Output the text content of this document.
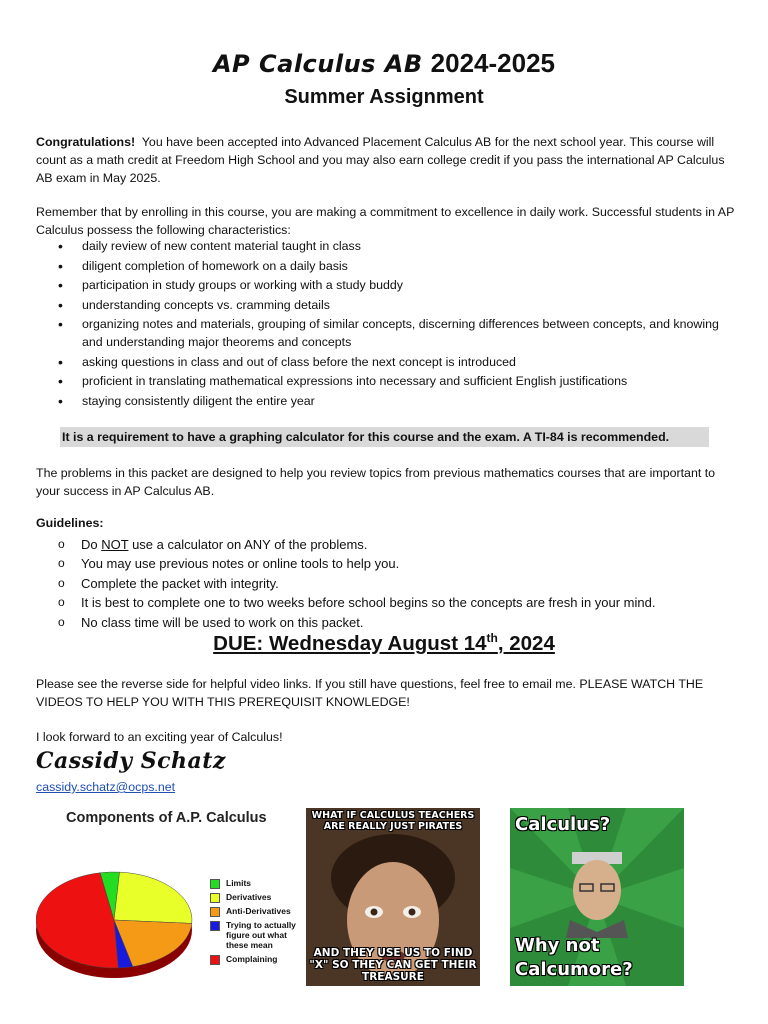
AP Calculus AB 2024-2025
Summer Assignment
Congratulations! You have been accepted into Advanced Placement Calculus AB for the next school year. This course will count as a math credit at Freedom High School and you may also earn college credit if you pass the international AP Calculus AB exam in May 2025.
Remember that by enrolling in this course, you are making a commitment to excellence in daily work. Successful students in AP Calculus possess the following characteristics:
• daily review of new content material taught in class
• diligent completion of homework on a daily basis
• participation in study groups or working with a study buddy
• understanding concepts vs. cramming details
• organizing notes and materials, grouping of similar concepts, discerning differences between concepts, and knowing and understanding major theorems and concepts
• asking questions in class and out of class before the next concept is introduced
• proficient in translating mathematical expressions into necessary and sufficient English justifications
• staying consistently diligent the entire year
It is a requirement to have a graphing calculator for this course and the exam. A TI-84 is recommended.
The problems in this packet are designed to help you review topics from previous mathematics courses that are important to your success in AP Calculus AB.
Guidelines:
o Do NOT use a calculator on ANY of the problems.
o You may use previous notes or online tools to help you.
o Complete the packet with integrity.
o It is best to complete one to two weeks before school begins so the concepts are fresh in your mind.
o No class time will be used to work on this packet.
DUE: Wednesday August 14th, 2024
Please see the reverse side for helpful video links. If you still have questions, feel free to email me. PLEASE WATCH THE VIDEOS TO HELP YOU WITH THIS PREREQUISIT KNOWLEDGE!
I look forward to an exciting year of Calculus!
Cassidy Schatz
cassidy.schatz@ocps.net
Components of A.P. Calculus
Limits
Derivatives
Anti-Derivatives
Trying to actually figure out what these mean
Complaining
WHAT IF CALCULUS TEACHERS ARE REALLY JUST PIRATES
AND THEY USE US TO FIND "X" SO THEY CAN GET THEIR TREASURE
Calculus?
Why not Calcumore?
